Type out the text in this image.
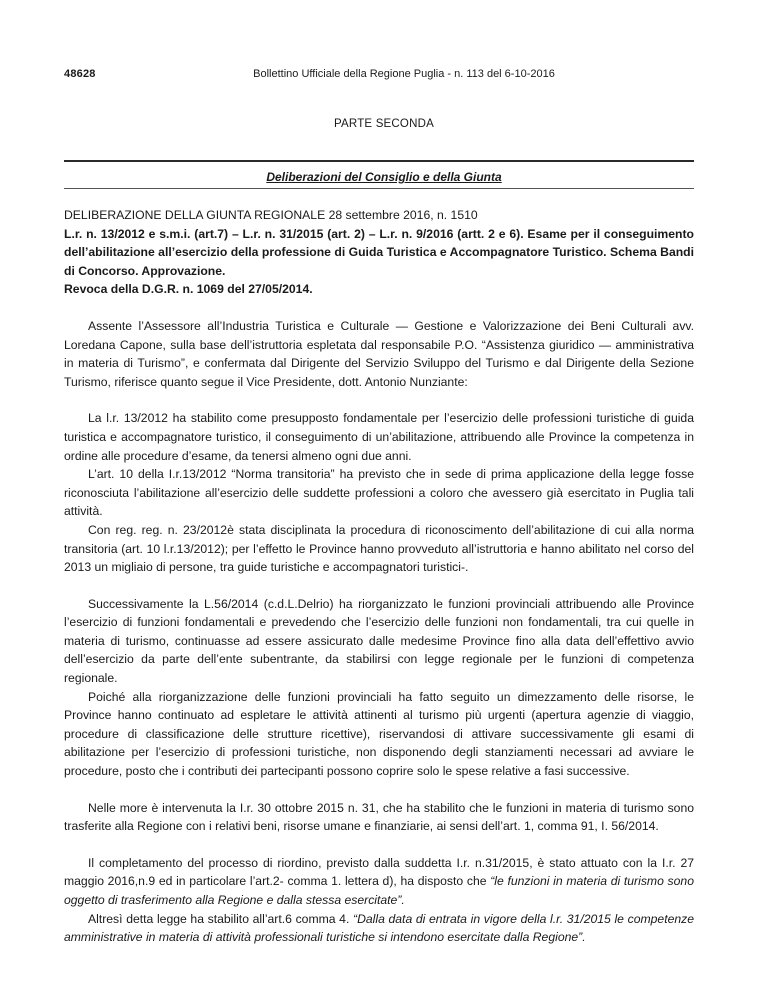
48628	Bollettino Ufficiale della Regione Puglia - n. 113 del 6-10-2016
PARTE SECONDA
Deliberazioni del Consiglio e della Giunta

DELIBERAZIONE DELLA GIUNTA REGIONALE 28 settembre 2016, n. 1510

L.r. n. 13/2012 e s.m.i. (art.7) – L.r. n. 31/2015 (art. 2) – L.r. n. 9/2016 (artt. 2 e 6). Esame per il conseguimento dell’abilitazione all’esercizio della professione di Guida Turistica e Accompagnatore Turistico. Schema Bandi di Concorso. Approvazione.

Revoca della D.G.R. n. 1069 del 27/05/2014.

Assente l’Assessore all’Industria Turistica e Culturale — Gestione e Valorizzazione dei Beni Culturali avv. Loredana Capone, sulla base dell’istruttoria espletata dal responsabile P.O. “Assistenza giuridico — amministrativa in materia di Turismo”, e confermata dal Dirigente del Servizio Sviluppo del Turismo e dal Dirigente della Sezione Turismo, riferisce quanto segue il Vice Presidente, dott. Antonio Nunziante:

La l.r. 13/2012 ha stabilito come presupposto fondamentale per l’esercizio delle professioni turistiche di guida turistica e accompagnatore turistico, il conseguimento di un’abilitazione, attribuendo alle Province la competenza in ordine alle procedure d’esame, da tenersi almeno ogni due anni.

L’art. 10 della I.r.13/2012 “Norma transitoria” ha previsto che in sede di prima applicazione della legge fosse riconosciuta l’abilitazione all’esercizio delle suddette professioni a coloro che avessero già esercitato in Puglia tali attività.

Con reg. reg. n. 23/2012è stata disciplinata la procedura di riconoscimento dell’abilitazione di cui alla norma transitoria (art. 10 l.r.13/2012); per l’effetto le Province hanno provveduto all’istruttoria e hanno abilitato nel corso del 2013 un migliaio di persone, tra guide turistiche e accompagnatori turistici-.

Successivamente la L.56/2014 (c.d.L.Delrio) ha riorganizzato le funzioni provinciali attribuendo alle Province l’esercizio di funzioni fondamentali e prevedendo che l’esercizio delle funzioni non fondamentali, tra cui quelle in materia di turismo, continuasse ad essere assicurato dalle medesime Province fino alla data dell’effettivo avvio dell’esercizio da parte dell’ente subentrante, da stabilirsi con legge regionale per le funzioni di competenza regionale.

Poiché alla riorganizzazione delle funzioni provinciali ha fatto seguito un dimezzamento delle risorse, le Province hanno continuato ad espletare le attività attinenti al turismo più urgenti (apertura agenzie di viaggio, procedure di classificazione delle strutture ricettive), riservandosi di attivare successivamente gli esami di abilitazione per l’esercizio di professioni turistiche, non disponendo degli stanziamenti necessari ad avviare le procedure, posto che i contributi dei partecipanti possono coprire solo le spese relative a fasi successive.

Nelle more è intervenuta la I.r. 30 ottobre 2015 n. 31, che ha stabilito che le funzioni in materia di turismo sono trasferite alla Regione con i relativi beni, risorse umane e finanziarie, ai sensi dell’art. 1, comma 91, I. 56/2014.

Il completamento del processo di riordino, previsto dalla suddetta I.r. n.31/2015, è stato attuato con la I.r. 27 maggio 2016,n.9 ed in particolare l’art.2- comma 1. lettera d), ha disposto che “le funzioni in materia di turismo sono oggetto di trasferimento alla Regione e dalla stessa esercitate”.

Altresì detta legge ha stabilito all’art.6 comma 4. “Dalla data di entrata in vigore della l.r. 31/2015 le competenze amministrative in materia di attività professionali turistiche si intendono esercitate dalla Regione”.
